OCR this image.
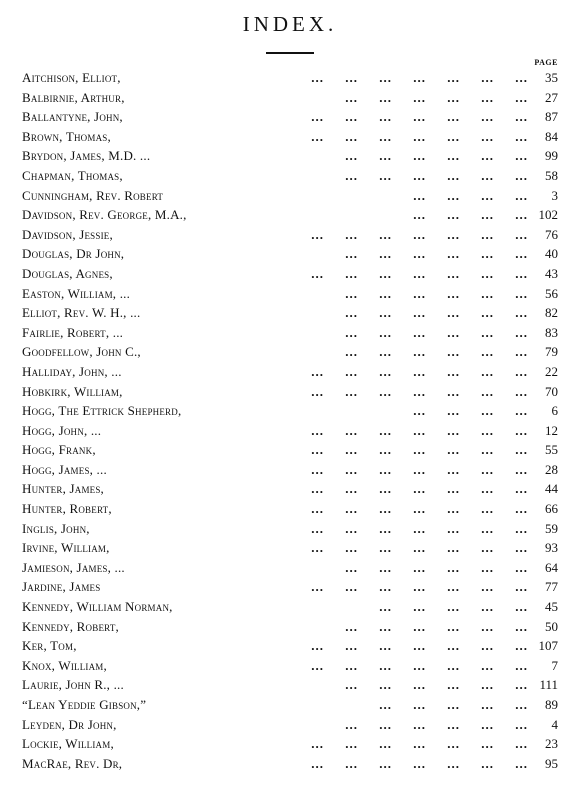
INDEX.
PAGE
Aitchison, Elliot,	...     ...     ...     ...     ...     ...     ...	35
Balbirnie, Arthur,	...     ...     ...     ...     ...     ...	27
Ballantyne, John,	...     ...     ...     ...     ...     ...     ...	87
Brown, Thomas,	...     ...     ...     ...     ...     ...     ...	84
Brydon, James, M.D. ...	...     ...     ...     ...     ...     ...	99
Chapman, Thomas,	...     ...     ...     ...     ...     ...	58
Cunningham, Rev. Robert	...     ...     ...     ...	3
Davidson, Rev. George, M.A.,	...     ...     ...     ... 102
Davidson, Jessie,	...     ...     ...     ...     ...     ...     ...	76
Douglas, Dr John,	...     ...     ...     ...     ...     ...	40
Douglas, Agnes,	...     ...     ...     ...     ...     ...     ...	43
Easton, William, ...	...     ...     ...     ...     ...     ...	56
Elliot, Rev. W. H., ...	...     ...     ...     ...     ...     ...	82
Fairlie, Robert, ...	...     ...     ...     ...     ...     ...	83
Goodfellow, John C.,	...     ...     ...     ...     ...     ...	79
Halliday, John, ...	...     ...     ...     ...     ...     ...     ...	22
Hobkirk, William,	...     ...     ...     ...     ...     ...     ...	70
Hogg, The Ettrick Shepherd,	...     ...     ...     ...	6
Hogg, John, ...	...     ...     ...     ...     ...     ...     ...	12
Hogg, Frank,	...     ...     ...     ...     ...     ...     ...	55
Hogg, James, ...	...     ...     ...     ...     ...     ...     ...	28
Hunter, James,	...     ...     ...     ...     ...     ...     ...	44
Hunter, Robert,	...     ...     ...     ...     ...     ...     ...	66
Inglis, John,	...     ...     ...     ...     ...     ...     ...	59
Irvine, William,	...     ...     ...     ...     ...     ...     ...	93
Jamieson, James, ...	...     ...     ...     ...     ...     ...	64
Jardine, James	...     ...     ...     ...     ...     ...     ...	77
Kennedy, William Norman,	...     ...     ...     ...     ...	45
Kennedy, Robert,	...     ...     ...     ...     ...     ...	50
Ker, Tom,	...     ...     ...     ...     ...     ...     ... 107
Knox, William,	...     ...     ...     ...     ...     ...     ...	7
Laurie, John R., ...	...     ...     ...     ...     ...     ... 111
“Lean Yeddie Gibson,”	...     ...     ...     ...     ...	89
Leyden, Dr John,	...     ...     ...     ...     ...     ...	4
Lockie, William,	...     ...     ...     ...     ...     ...     ...	23
MacRae, Rev. Dr,	...     ...     ...     ...     ...     ...     ...	95
